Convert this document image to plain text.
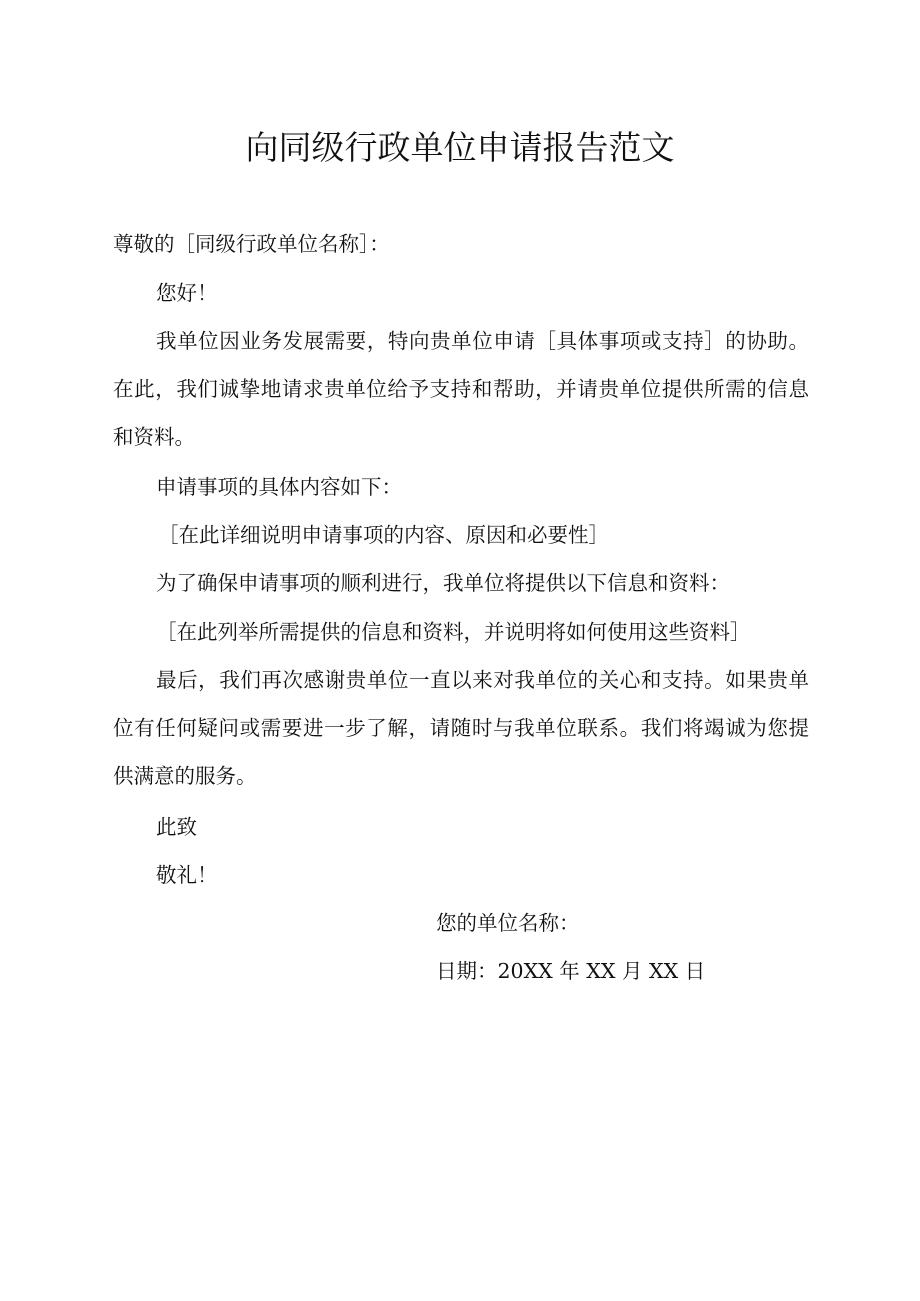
向同级行政单位申请报告范文

尊敬的［同级行政单位名称］：

您好！

我单位因业务发展需要，特向贵单位申请［具体事项或支持］的协助。在此，我们诚挚地请求贵单位给予支持和帮助，并请贵单位提供所需的信息和资料。

申请事项的具体内容如下：

［在此详细说明申请事项的内容、原因和必要性］

为了确保申请事项的顺利进行，我单位将提供以下信息和资料：

［在此列举所需提供的信息和资料，并说明将如何使用这些资料］

最后，我们再次感谢贵单位一直以来对我单位的关心和支持。如果贵单位有任何疑问或需要进一步了解，请随时与我单位联系。我们将竭诚为您提供满意的服务。

此致

敬礼！

您的单位名称：

日期：20XX 年 XX 月 XX 日
